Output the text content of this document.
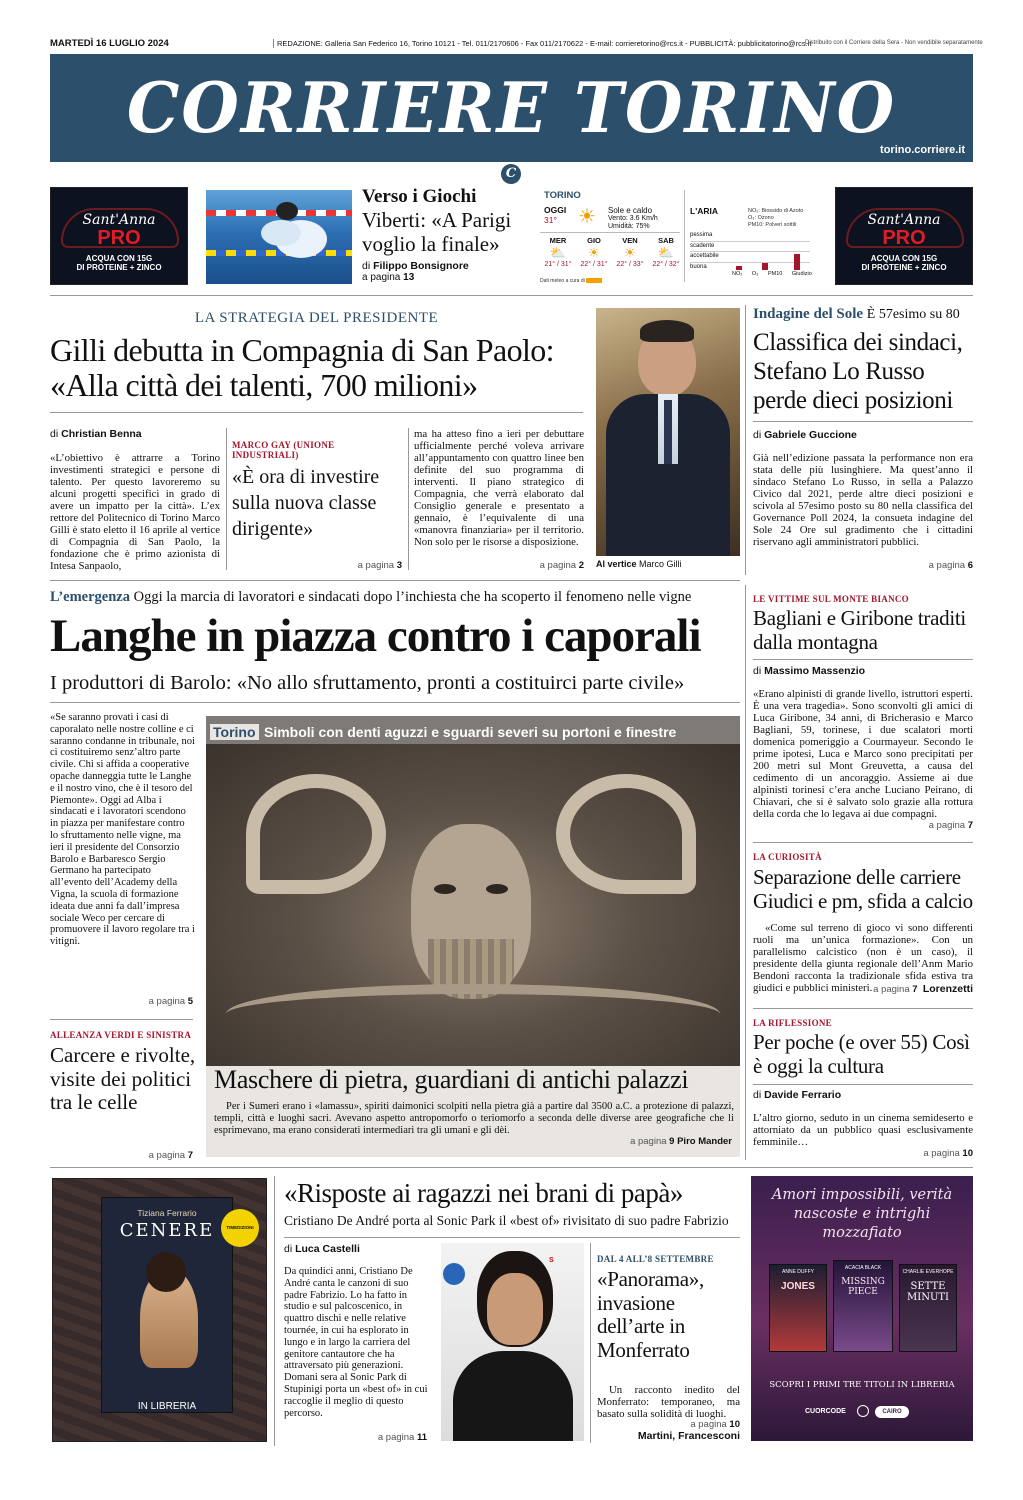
MARTEDÌ 16 LUGLIO 2024	REDAZIONE: Galleria San Federico 16, Torino 10121 - Tel. 011/2170606 - Fax 011/2170622 - E-mail: corrieretorino@rcs.it - PUBBLICITÀ: pubblicitatorino@rcs.it
Distribuito con il Corriere della Sera - Non vendibile separatamente
CORRIERE TORINO
torino.corriere.it
C
Sant'Anna
PRO
ACQUA CON 15G
DI PROTEINE + ZINCO
Sant'Anna
PRO
ACQUA CON 15G
DI PROTEINE + ZINCO
Verso i Giochi
Viberti: «A Parigi voglio la finale»
di Filippo Bonsignore
a pagina 13
TORINO
OGGI
31° ☀ Sole e caldo
Vento: 3.6 Km/h
Umidità: 75%
MER
⛅
21° / 31°
GIO
☀
22° / 31°
VEN
☀
22° / 33°
SAB
⛅
22° / 32°
Dati meteo a cura di
L'ARIA	NO₂: Biossido di Azoto
O₃: Ozono
PM10: Polveri sottili
pessima
scadente
accettabile
buona
NO₂ O₃ PM10 Giudizio
LA STRATEGIA DEL PRESIDENTE
Gilli debutta in Compagnia di San Paolo: «Alla città dei talenti, 700 milioni»
di Christian Benna
«L’obiettivo è attrarre a Torino investimenti strategici e persone di talento. Per questo lavoreremo su alcuni progetti specifici in grado di avere un impatto per la città». L’ex rettore del Politecnico di Torino Marco Gilli è stato eletto il 16 aprile al vertice di Compagnia di San Paolo, la fondazione che è primo azionista di Intesa Sanpaolo,
MARCO GAY (UNIONE INDUSTRIALI)
«È ora di investire sulla nuova classe dirigente»
a pagina 3
ma ha atteso fino a ieri per debuttare ufficialmente perché voleva arrivare all’appuntamento con quattro linee ben definite del suo programma di interventi. Il piano strategico di Compagnia, che verrà elaborato dal Consiglio generale e presentato a gennaio, è l’equivalente di una «manovra finanziaria» per il territorio. Non solo per le risorse a disposizione.
a pagina 2 Al vertice Marco Gilli
Indagine del Sole È 57esimo su 80
Classifica dei sindaci, Stefano Lo Russo perde dieci posizioni
di Gabriele Guccione
Già nell’edizione passata la performance non era stata delle più lusinghiere. Ma quest’anno il sindaco Stefano Lo Russo, in sella a Palazzo Civico dal 2021, perde altre dieci posizioni e scivola al 57esimo posto su 80 nella classifica del Governance Poll 2024, la consueta indagine del Sole 24 Ore sul gradimento che i cittadini riservano agli amministratori pubblici.
a pagina 6
L’emergenza Oggi la marcia di lavoratori e sindacati dopo l’inchiesta che ha scoperto il fenomeno nelle vigne
Langhe in piazza contro i caporali
I produttori di Barolo: «No allo sfruttamento, pronti a costituirci parte civile»
«Se saranno provati i casi di caporalato nelle nostre colline e ci saranno condanne in tribunale, noi ci costituiremo senz’altro parte civile. Chi si affida a cooperative opache danneggia tutte le Langhe e il nostro vino, che è il tesoro del Piemonte». Oggi ad Alba i sindacati e i lavoratori scendono in piazza per manifestare contro lo sfruttamento nelle vigne, ma ieri il presidente del Consorzio Barolo e Barbaresco Sergio Germano ha partecipato all’evento dell’Academy della Vigna, la scuola di formazione ideata due anni fa dall’impresa sociale Weco per cercare di promuovere il lavoro regolare tra i vitigni.
a pagina 5
ALLEANZA VERDI E SINISTRA
Carcere e rivolte, visite dei politici tra le celle
a pagina 7
Torino Simboli con denti aguzzi e sguardi severi su portoni e finestre
Maschere di pietra, guardiani di antichi palazzi
Per i Sumeri erano i «lamassu», spiriti daimonici scolpiti nella pietra già a partire dal 3500 a.C. a protezione di palazzi, templi, città e luoghi sacri. Avevano aspetto antropomorfo o teriomorfo a seconda delle diverse aree geografiche che li esprimevano, ma erano considerati intermediari tra gli umani e gli dèi.
a pagina 9 Piro Mander
LE VITTIME SUL MONTE BIANCO
Bagliani e Giribone traditi dalla montagna
di Massimo Massenzio
«Erano alpinisti di grande livello, istruttori esperti. È una vera tragedia». Sono sconvolti gli amici di Luca Giribone, 34 anni, di Bricherasio e Marco Bagliani, 59, torinese, i due scalatori morti domenica pomeriggio a Courmayeur. Secondo le prime ipotesi, Luca e Marco sono precipitati per 200 metri sul Mont Greuvetta, a causa del cedimento di un ancoraggio. Assieme ai due alpinisti torinesi c’era anche Luciano Peirano, di Chiavari, che si è salvato solo grazie alla rottura della corda che lo legava ai due compagni.
a pagina 7
LA CURIOSITÀ
Separazione delle carriere Giudici e pm, sfida a calcio
«Come sul terreno di gioco vi sono differenti ruoli ma un’unica formazione». Con un parallelismo calcistico (non è un caso), il presidente della giunta regionale dell’Anm Mario Bendoni racconta la tradizionale sfida estiva tra giudici e pubblici ministeri. a pagina 7 Lorenzetti
LA RIFLESSIONE
Per poche (e over 55) Così è oggi la cultura
di Davide Ferrario
L’altro giorno, seduto in un cinema semideserto e attorniato da un pubblico quasi esclusivamente femminile…
a pagina 10
Tiziana Ferrario
CENERE	TIMEDIZIONI
IN LIBRERIA
«Risposte ai ragazzi nei brani di papà»
Cristiano De André porta al Sonic Park il «best of» rivisitato di suo padre Fabrizio
di Luca Castelli
Da quindici anni, Cristiano De André canta le canzoni di suo padre Fabrizio. Lo ha fatto in studio e sul palcoscenico, in quattro dischi e nelle relative tournée, in cui ha esplorato in lungo e in largo la carriera del genitore cantautore che ha attraversato più generazioni. Domani sera al Sonic Park di Stupinigi porta un «best of» in cui raccoglie il meglio di questo percorso.
a pagina 11
S	DAL 4 ALL’8 SETTEMBRE
«Panorama», invasione dell’arte in Monferrato
Un racconto inedito del Monferrato: temporaneo, ma basato sulla solidità di luoghi.
a pagina 10
Martini, Francesconi
Amori impossibili, verità nascoste e intrighi mozzafiato
ANNE DUFFY
JONES
ACACIA BLACK
MISSING PIECE
CHARLIE EVERHOPE
SETTE MINUTI
SCOPRI I PRIMI TRE TITOLI IN LIBRERIA
CUORCODE	CAIRO
